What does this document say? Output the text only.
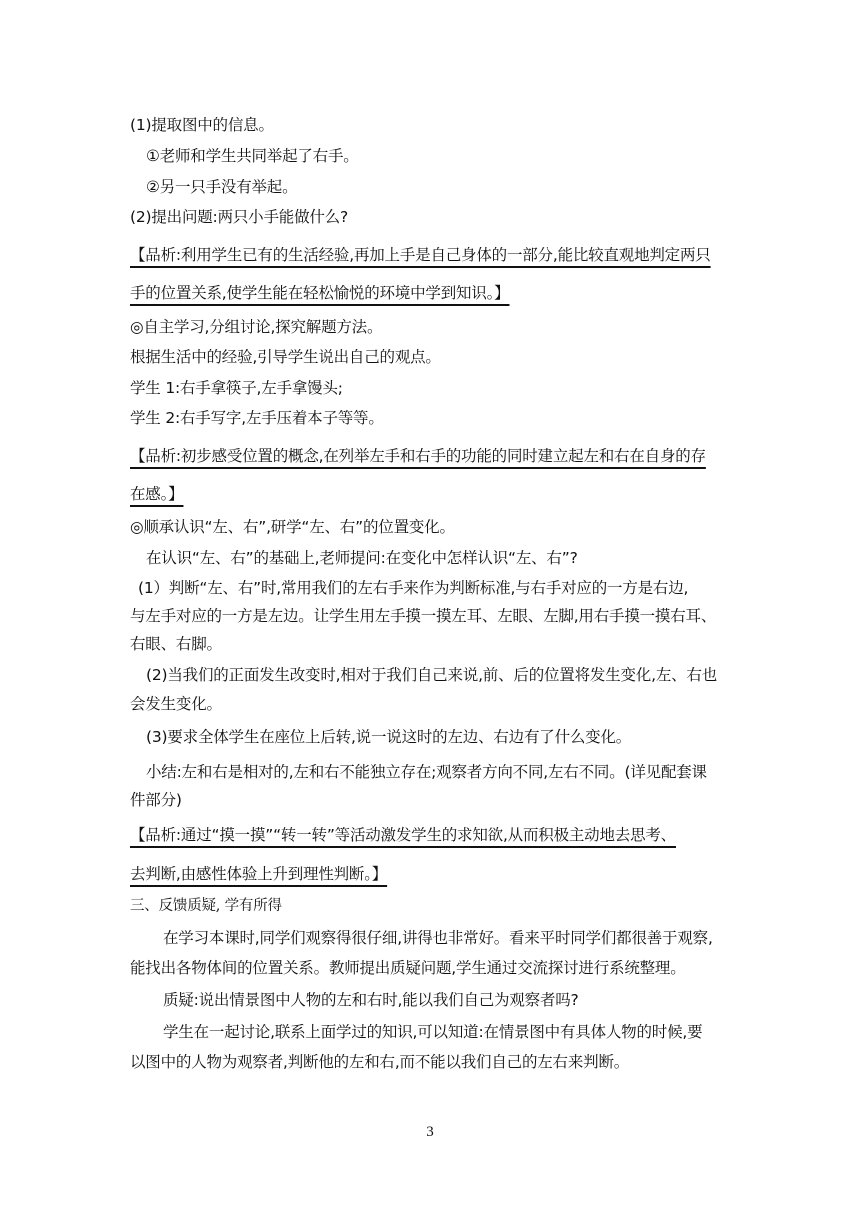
(1)提取图中的信息。
①老师和学生共同举起了右手。
②另一只手没有举起。
(2)提出问题:两只小手能做什么?
【品析:利用学生已有的生活经验,再加上手是自己身体的一部分,能比较直观地判定两只
手的位置关系,使学生能在轻松愉悦的环境中学到知识。】
◎自主学习,分组讨论,探究解题方法。
根据生活中的经验,引导学生说出自己的观点。
学生 1:右手拿筷子,左手拿馒头;
学生 2:右手写字,左手压着本子等等。
【品析:初步感受位置的概念,在列举左手和右手的功能的同时建立起左和右在自身的存
在感。】
◎顺承认识“左、右”,研学“左、右”的位置变化。
在认识“左、右”的基础上,老师提问:在变化中怎样认识“左、右”?
(1）判断“左、右”时,常用我们的左右手来作为判断标准,与右手对应的一方是右边,
与左手对应的一方是左边。让学生用左手摸一摸左耳、左眼、左脚,用右手摸一摸右耳、
右眼、右脚。
(2)当我们的正面发生改变时,相对于我们自己来说,前、后的位置将发生变化,左、右也
会发生变化。
(3)要求全体学生在座位上后转,说一说这时的左边、右边有了什么变化。
小结:左和右是相对的,左和右不能独立存在;观察者方向不同,左右不同。(详见配套课
件部分)
【品析:通过“摸一摸”“转一转”等活动激发学生的求知欲,从而积极主动地去思考、
去判断,由感性体验上升到理性判断。】
三、反馈质疑, 学有所得
在学习本课时,同学们观察得很仔细,讲得也非常好。看来平时同学们都很善于观察,
能找出各物体间的位置关系。教师提出质疑问题,学生通过交流探讨进行系统整理。
质疑:说出情景图中人物的左和右时,能以我们自己为观察者吗?
学生在一起讨论,联系上面学过的知识,可以知道:在情景图中有具体人物的时候,要
以图中的人物为观察者,判断他的左和右,而不能以我们自己的左右来判断。
3
